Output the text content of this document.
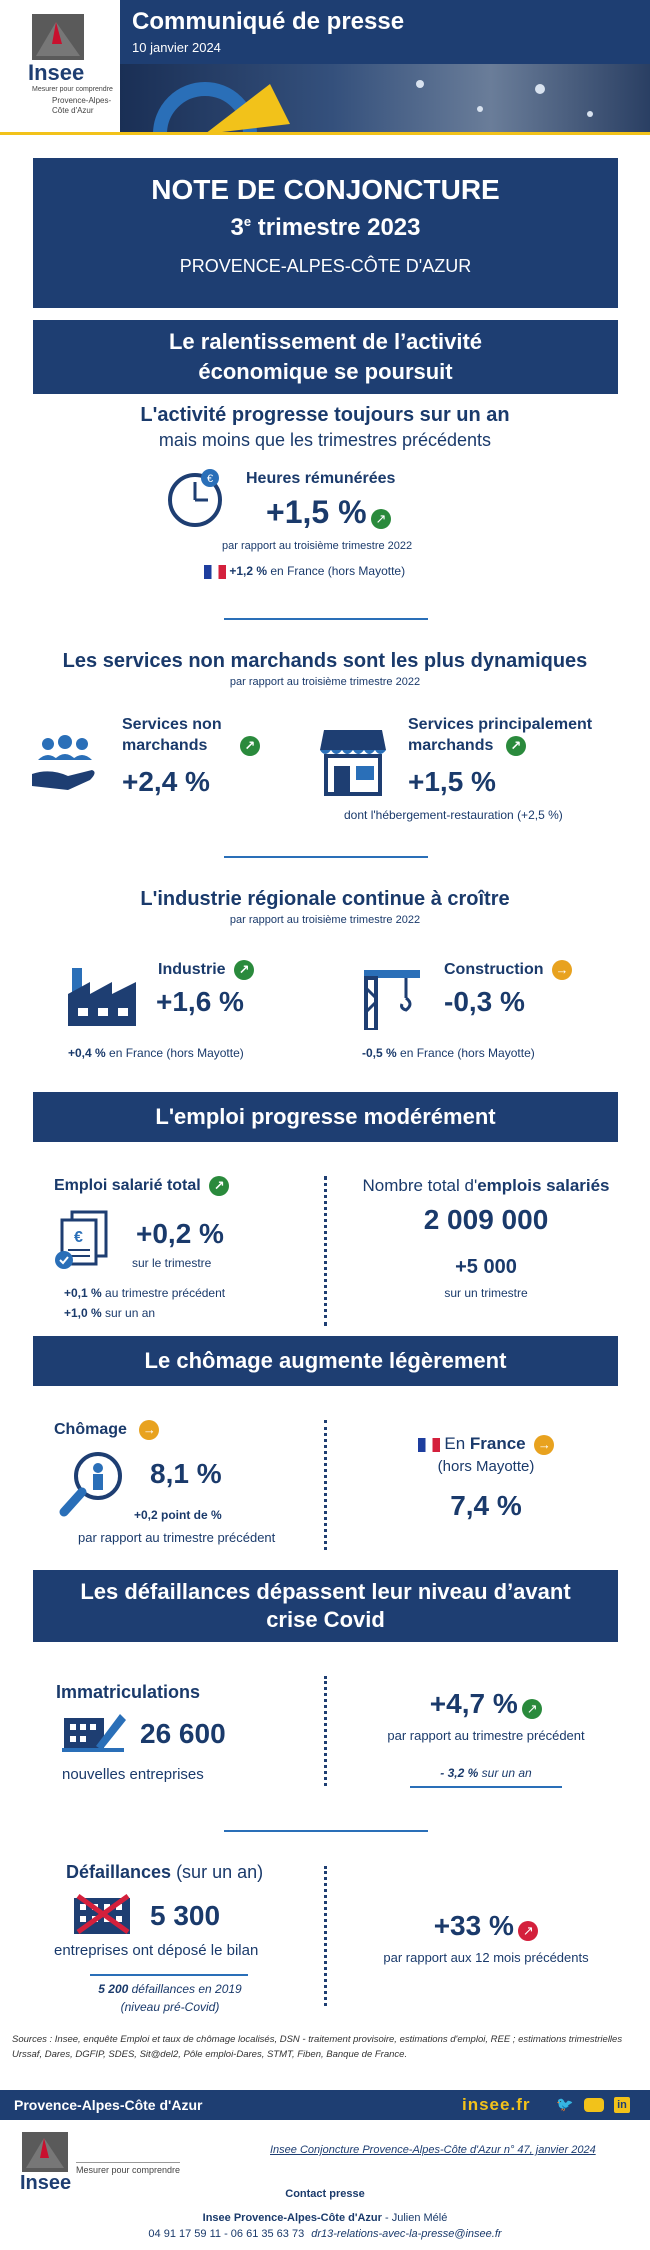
Insee
Mesurer pour comprendre
Provence-Alpes-Côte d'Azur
Communiqué de presse
10 janvier 2024
NOTE DE CONJONCTURE
3e trimestre 2023
PROVENCE-ALPES-CÔTE D'AZUR
Le ralentissement de l’activité économique se poursuit
L'activité progresse toujours sur un an
mais moins que les trimestres précédents
€ Heures rémunérées
+1,5 % ↗
par rapport au troisième trimestre 2022
+1,2 % en France (hors Mayotte)
Les services non marchands sont les plus dynamiques
par rapport au troisième trimestre 2022
Services non
marchands	↗
+2,4 %
Services principalement
marchands ↗
+1,5 %
dont l'hébergement-restauration (+2,5 %)
L'industrie régionale continue à croître
par rapport au troisième trimestre 2022
Industrie ↗
+1,6 %
+0,4 % en France (hors Mayotte)
Construction →
-0,3 %
-0,5 % en France (hors Mayotte)
L'emploi progresse modérément
Emploi salarié total ↗
€ +0,2 %
sur le trimestre
+0,1 % au trimestre précédent
+1,0 % sur un an
Nombre total d'emplois salariés
2 009 000
+5 000
sur un trimestre
Le chômage augmente légèrement
Chômage →
8,1 %
+0,2 point de %
par rapport au trimestre précédent
En France →
(hors Mayotte)
7,4 %
Les défaillances dépassent leur niveau d’avant crise Covid
Immatriculations
26 600
nouvelles entreprises
+4,7 % ↗
par rapport au trimestre précédent
- 3,2 % sur un an
Défaillances (sur un an)
5 300
entreprises ont déposé le bilan
5 200 défaillances en 2019
(niveau pré-Covid)
+33 % ↗
par rapport aux 12 mois précédents
Sources : Insee, enquête Emploi et taux de chômage localisés, DSN - traitement provisoire, estimations d'emploi, REE ; estimations trimestrielles Urssaf, Dares, DGFIP, SDES, Sit@del2, Pôle emploi-Dares, STMT, Fiben, Banque de France.
Provence-Alpes-Côte d'Azur	insee.fr 🐦	in
Insee
Mesurer pour comprendre
Insee Conjoncture Provence-Alpes-Côte d'Azur n° 47, janvier 2024
Contact presse
Insee Provence-Alpes-Côte d'Azur - Julien Mélé
04 91 17 59 11 - 06 61 35 63 73 dr13-relations-avec-la-presse@insee.fr
